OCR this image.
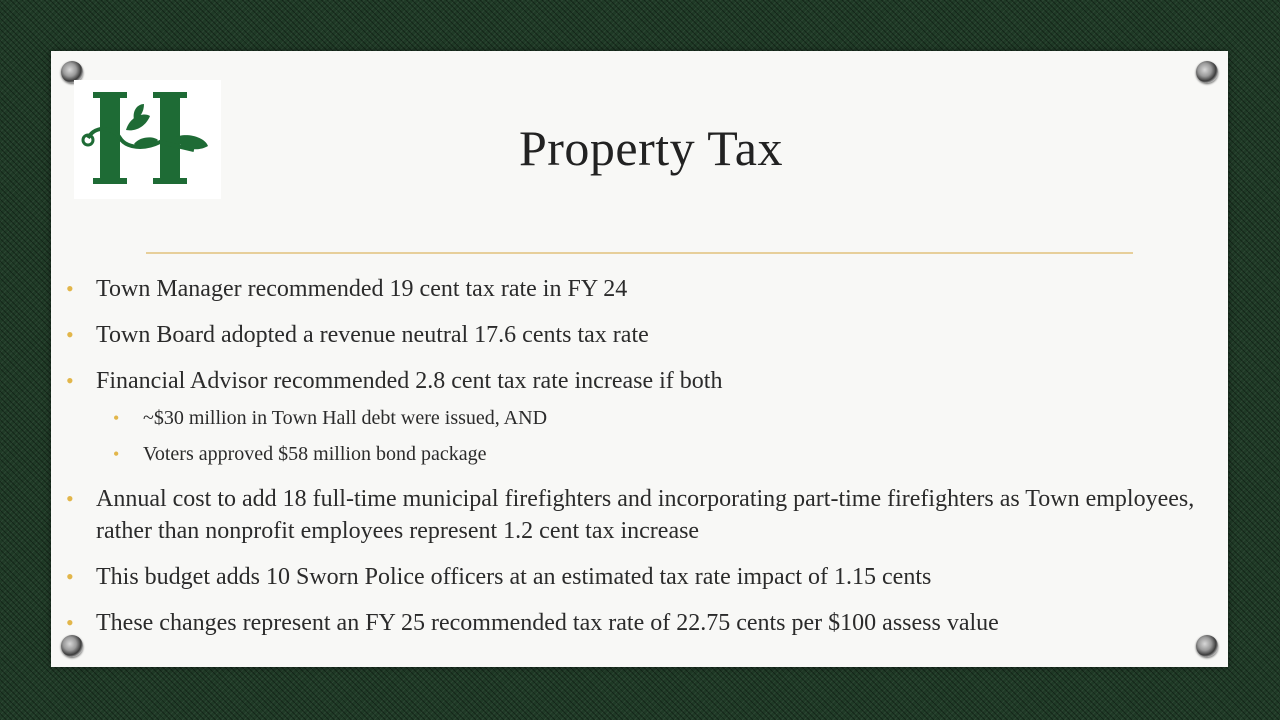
Property Tax
• Town Manager recommended 19 cent tax rate in FY 24
• Town Board adopted a revenue neutral 17.6 cents tax rate
• Financial Advisor recommended 2.8 cent tax rate increase if both
• ~$30 million in Town Hall debt were issued, AND
• Voters approved $58 million bond package
• Annual cost to add 18 full-time municipal firefighters and incorporating part-time firefighters as Town employees, rather than nonprofit employees represent 1.2 cent tax increase
• This budget adds 10 Sworn Police officers at an estimated tax rate impact of 1.15 cents
• These changes represent an FY 25 recommended tax rate of 22.75 cents per $100 assess value
